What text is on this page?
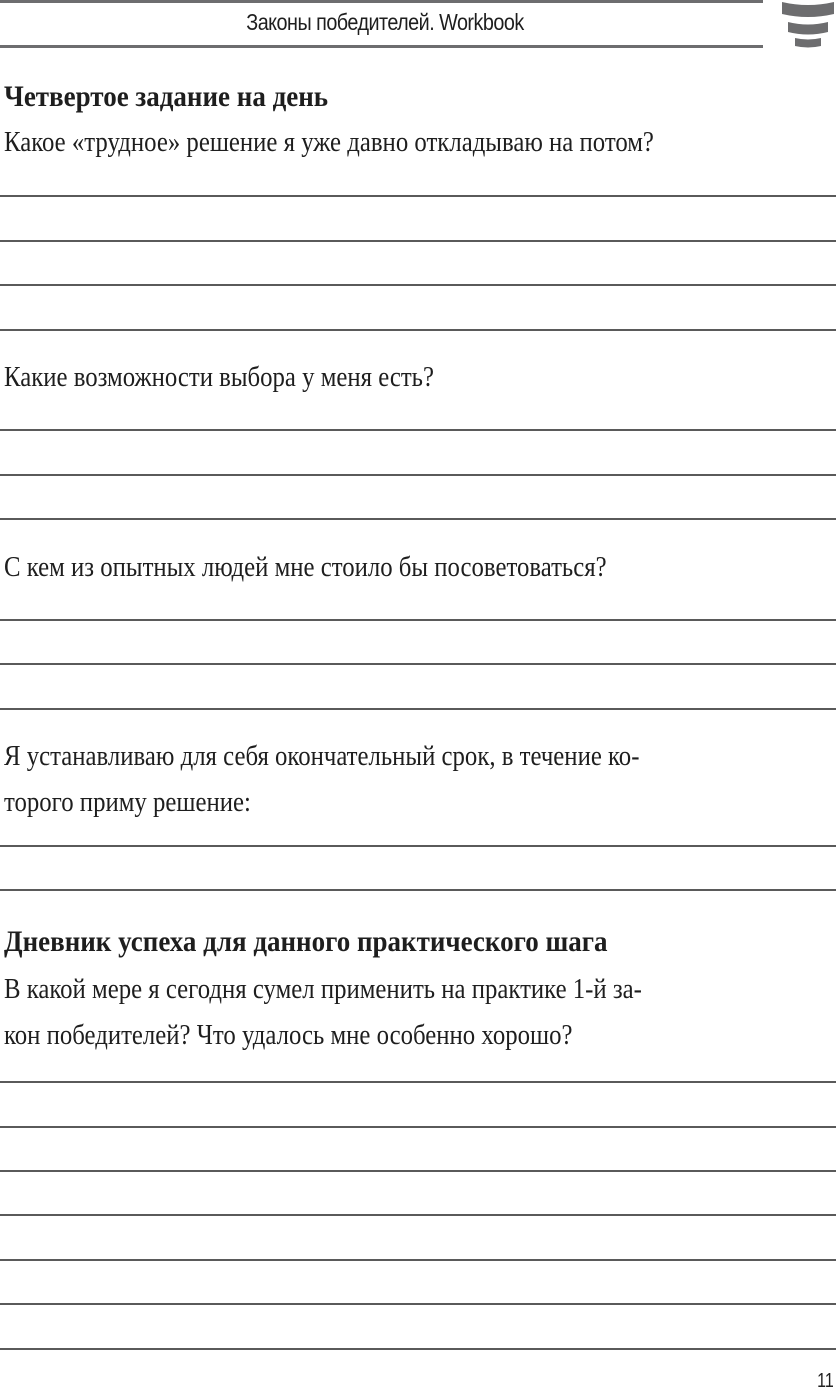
Законы победителей. Workbook
Четвертое задание на день
Какое «трудное» решение я уже давно откладываю на потом?
Какие возможности выбора у меня есть?
С кем из опытных людей мне стоило бы посоветоваться?
Я устанавливаю для себя окончательный срок, в течение ко-
торого приму решение:
Дневник успеха для данного практического шага
В какой мере я сегодня сумел применить на практике 1-й за-
кон победителей? Что удалось мне особенно хорошо?
11
